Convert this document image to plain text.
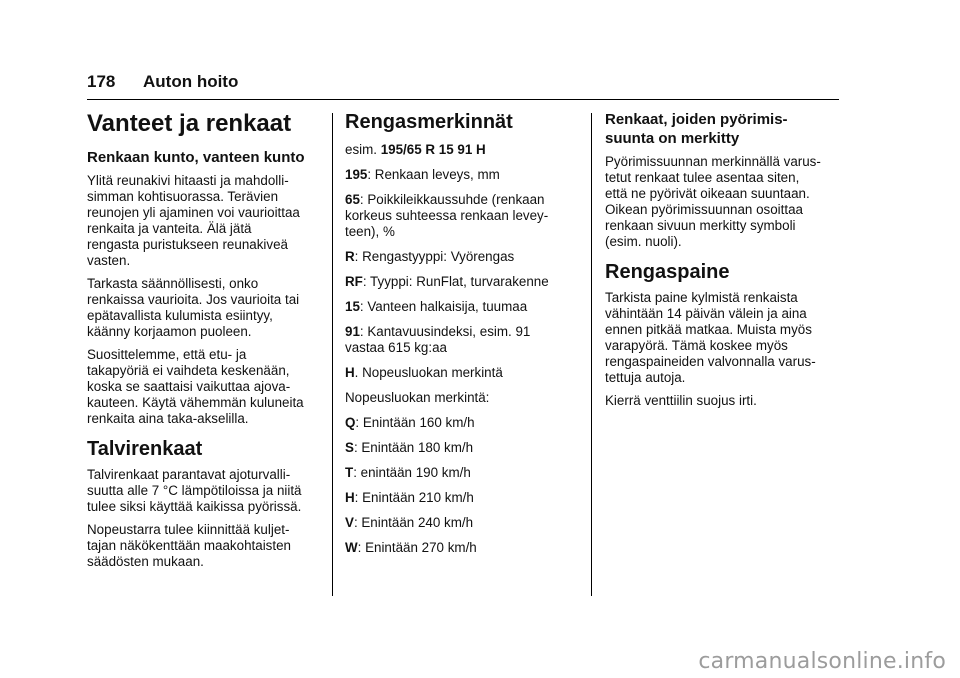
178 Auton hoito
Vanteet ja renkaat
Renkaan kunto, vanteen kunto

Ylitä reunakivi hitaasti ja mahdolli-
simman kohtisuorassa. Terävien
reunojen yli ajaminen voi vaurioittaa
renkaita ja vanteita. Älä jätä
rengasta puristukseen reunakiveä
vasten.

Tarkasta säännöllisesti, onko
renkaissa vaurioita. Jos vaurioita tai
epätavallista kulumista esiintyy,
käänny korjaamon puoleen.

Suosittelemme, että etu- ja
takapyöriä ei vaihdeta keskenään,
koska se saattaisi vaikuttaa ajova-
kauteen. Käytä vähemmän kuluneita
renkaita aina taka-akselilla.

Talvirenkaat

Talvirenkaat parantavat ajoturvalli-
suutta alle 7 °C lämpötiloissa ja niitä
tulee siksi käyttää kaikissa pyörissä.

Nopeustarra tulee kiinnittää kuljet-
tajan näkökenttään maakohtaisten
säädösten mukaan.

Rengasmerkinnät

esim. 195/65 R 15 91 H

195: Renkaan leveys, mm

65: Poikkileikkaussuhde (renkaan
korkeus suhteessa renkaan levey-
teen), %

R: Rengastyyppi: Vyörengas

RF: Tyyppi: RunFlat, turvarakenne

15: Vanteen halkaisija, tuumaa

91: Kantavuusindeksi, esim. 91
vastaa 615 kg:aa

H. Nopeusluokan merkintä

Nopeusluokan merkintä:

Q: Enintään 160 km/h

S: Enintään 180 km/h

T: enintään 190 km/h

H: Enintään 210 km/h

V: Enintään 240 km/h

W: Enintään 270 km/h

Renkaat, joiden pyörimis-
suunta on merkitty

Pyörimissuunnan merkinnällä varus-
tetut renkaat tulee asentaa siten,
että ne pyörivät oikeaan suuntaan.
Oikean pyörimissuunnan osoittaa
renkaan sivuun merkitty symboli
(esim. nuoli).

Rengaspaine

Tarkista paine kylmistä renkaista
vähintään 14 päivän välein ja aina
ennen pitkää matkaa. Muista myös
varapyörä. Tämä koskee myös
rengaspaineiden valvonnalla varus-
tettuja autoja.

Kierrä venttiilin suojus irti.

carmanualsonline.info
